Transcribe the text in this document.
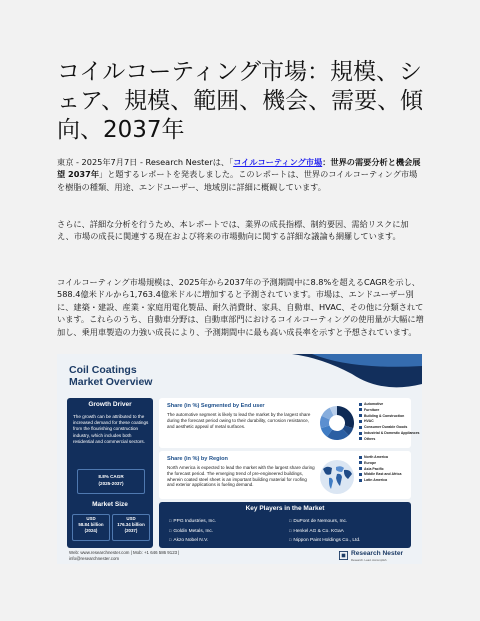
コイルコーティング市場：規模、シェア、規模、範囲、機会、需要、傾向、2037年

東京 - 2025年7月7日 - Research Nesterは、「コイルコーティング市場：世界の需要分析と機会展望 2037年」と題するレポートを発表しました。このレポートは、世界のコイルコーティング市場を樹脂の種類、用途、エンドユーザー、地域別に詳細に概観しています。

さらに、詳細な分析を行うため、本レポートでは、業界の成長指標、制約要因、需給リスクに加え、市場の成長に関連する現在および将来の市場動向に関する詳細な議論も網羅しています。

コイルコーティング市場規模は、2025年から2037年の予測期間中に8.8%を超えるCAGRを示し、588.4億米ドルから1,763.4億米ドルに増加すると予測されています。市場は、エンドユーザー別に、建築・建設、産業・家庭用電化製品、耐久消費財、家具、自動車、HVAC、その他に分類されています。これらのうち、自動車分野は、自動車部門におけるコイルコーティングの使用量が大幅に増加し、乗用車製造の力強い成長により、予測期間中に最も高い成長率を示すと予想されています。

Coil Coatings
Market Overview
Growth Driver
The growth can be attributed to the increased demand for these coatings from the flourishing construction industry, which includes both residential and commercial sectors.
8.8% CAGR
(2025-2037)
Market Size
USD
58.84 billion
(2024)
USD
176.34 billion
(2037)
Share (in %) Segmented by End user
The automotive segment is likely to lead the market by the largest share during the forecast period owing to their durability, corrosion resistance, and aesthetic appeal of metal surfaces.
Automotive
Furniture
Building & Construction
HVAC
Consumer Durable Goods
Industrial & Domestic Appliances
Others
Share (in %) by Region
North America is expected to lead the market with the largest share during the forecast period. The emerging trend of pre-engineered buildings, wherein coated steel sheet is an important building material for roofing and exterior applications is fueling demand.
North America
Europe
Asia Pacific
Middle East and Africa
Latin America
Key Players in the Market
□ PPG Industries, Inc.
□ Goldin Metals, Inc.
□ Akzo Nobel N.V.
□ DuPont de Nemours, Inc.
□ Henkel AG & Co. KGaA
□ Nippon Paint Holdings Co., Ltd.
Web: www.researchnester.com | Mob: +1 646 586 9123 |
info@researchnester.com
Research Nester
Research. Lead. Accomplish
